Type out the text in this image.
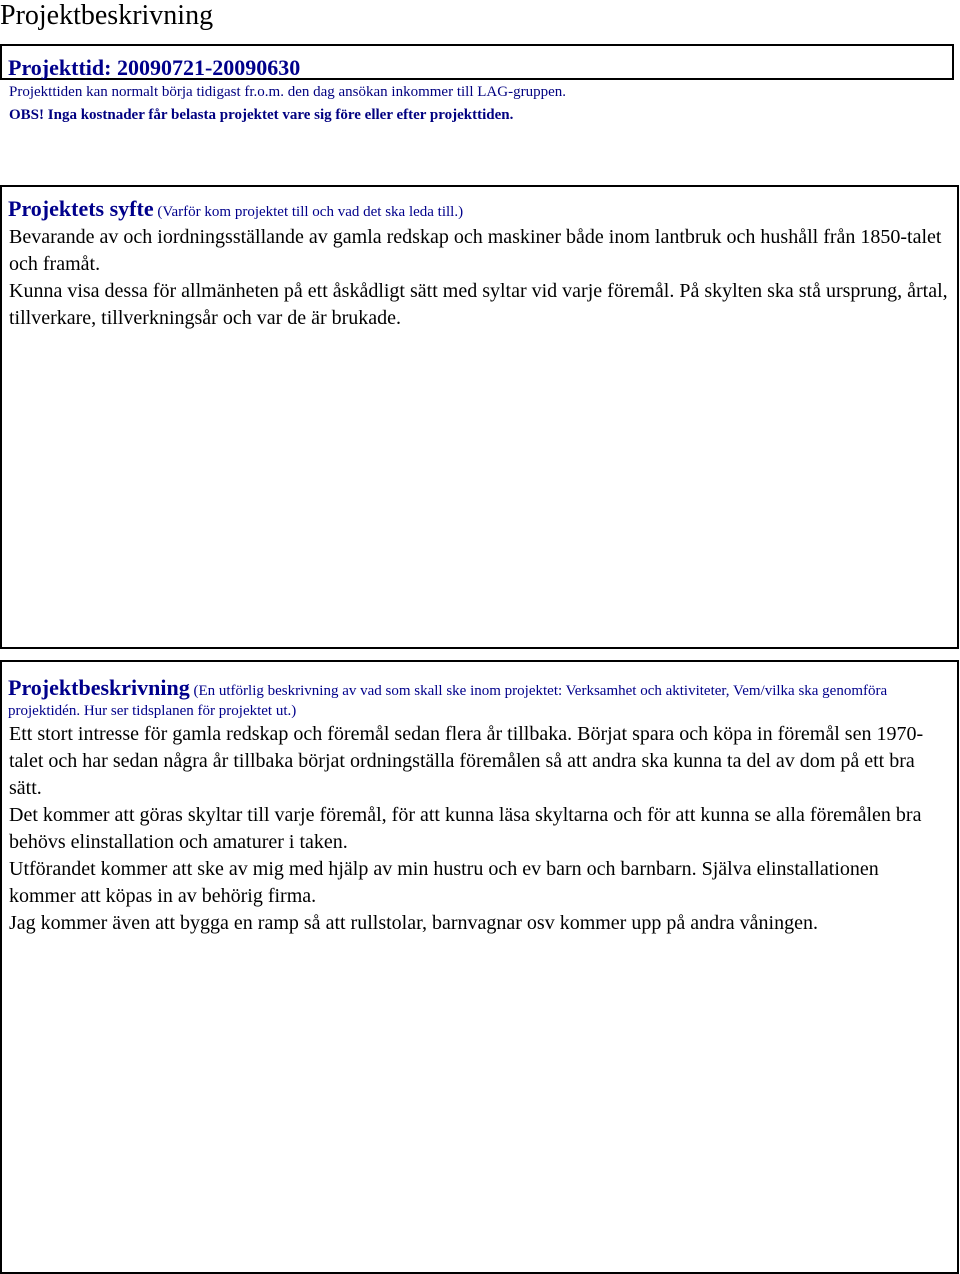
Projektbeskrivning
Projekttid: 20090721-20090630
Projekttiden kan normalt börja tidigast fr.o.m. den dag ansökan inkommer till LAG-gruppen.
OBS! Inga kostnader får belasta projektet vare sig före eller efter projekttiden.
Projektets syfte (Varför kom projektet till och vad det ska leda till.)

Bevarande av och iordningsställande av gamla redskap och maskiner både inom lantbruk och hushåll från 1850-talet och framåt.

Kunna visa dessa för allmänheten på ett åskådligt sätt med syltar vid varje föremål. På skylten ska stå ursprung, årtal, tillverkare, tillverkningsår och var de är brukade.

Projektbeskrivning (En utförlig beskrivning av vad som skall ske inom projektet: Verksamhet och aktiviteter, Vem/vilka ska genomföra projektidén. Hur ser tidsplanen för projektet ut.)

Ett stort intresse för gamla redskap och föremål sedan flera år tillbaka. Börjat spara och köpa in föremål sen 1970-talet och har sedan några år tillbaka börjat ordningställa föremålen så att andra ska kunna ta del av dom på ett bra sätt.

Det kommer att göras skyltar till varje föremål, för att kunna läsa skyltarna och för att kunna se alla föremålen bra behövs elinstallation och amaturer i taken.

Utförandet kommer att ske av mig med hjälp av min hustru och ev barn och barnbarn. Själva elinstallationen kommer att köpas in av behörig firma.

Jag kommer även att bygga en ramp så att rullstolar, barnvagnar osv kommer upp på andra våningen.
